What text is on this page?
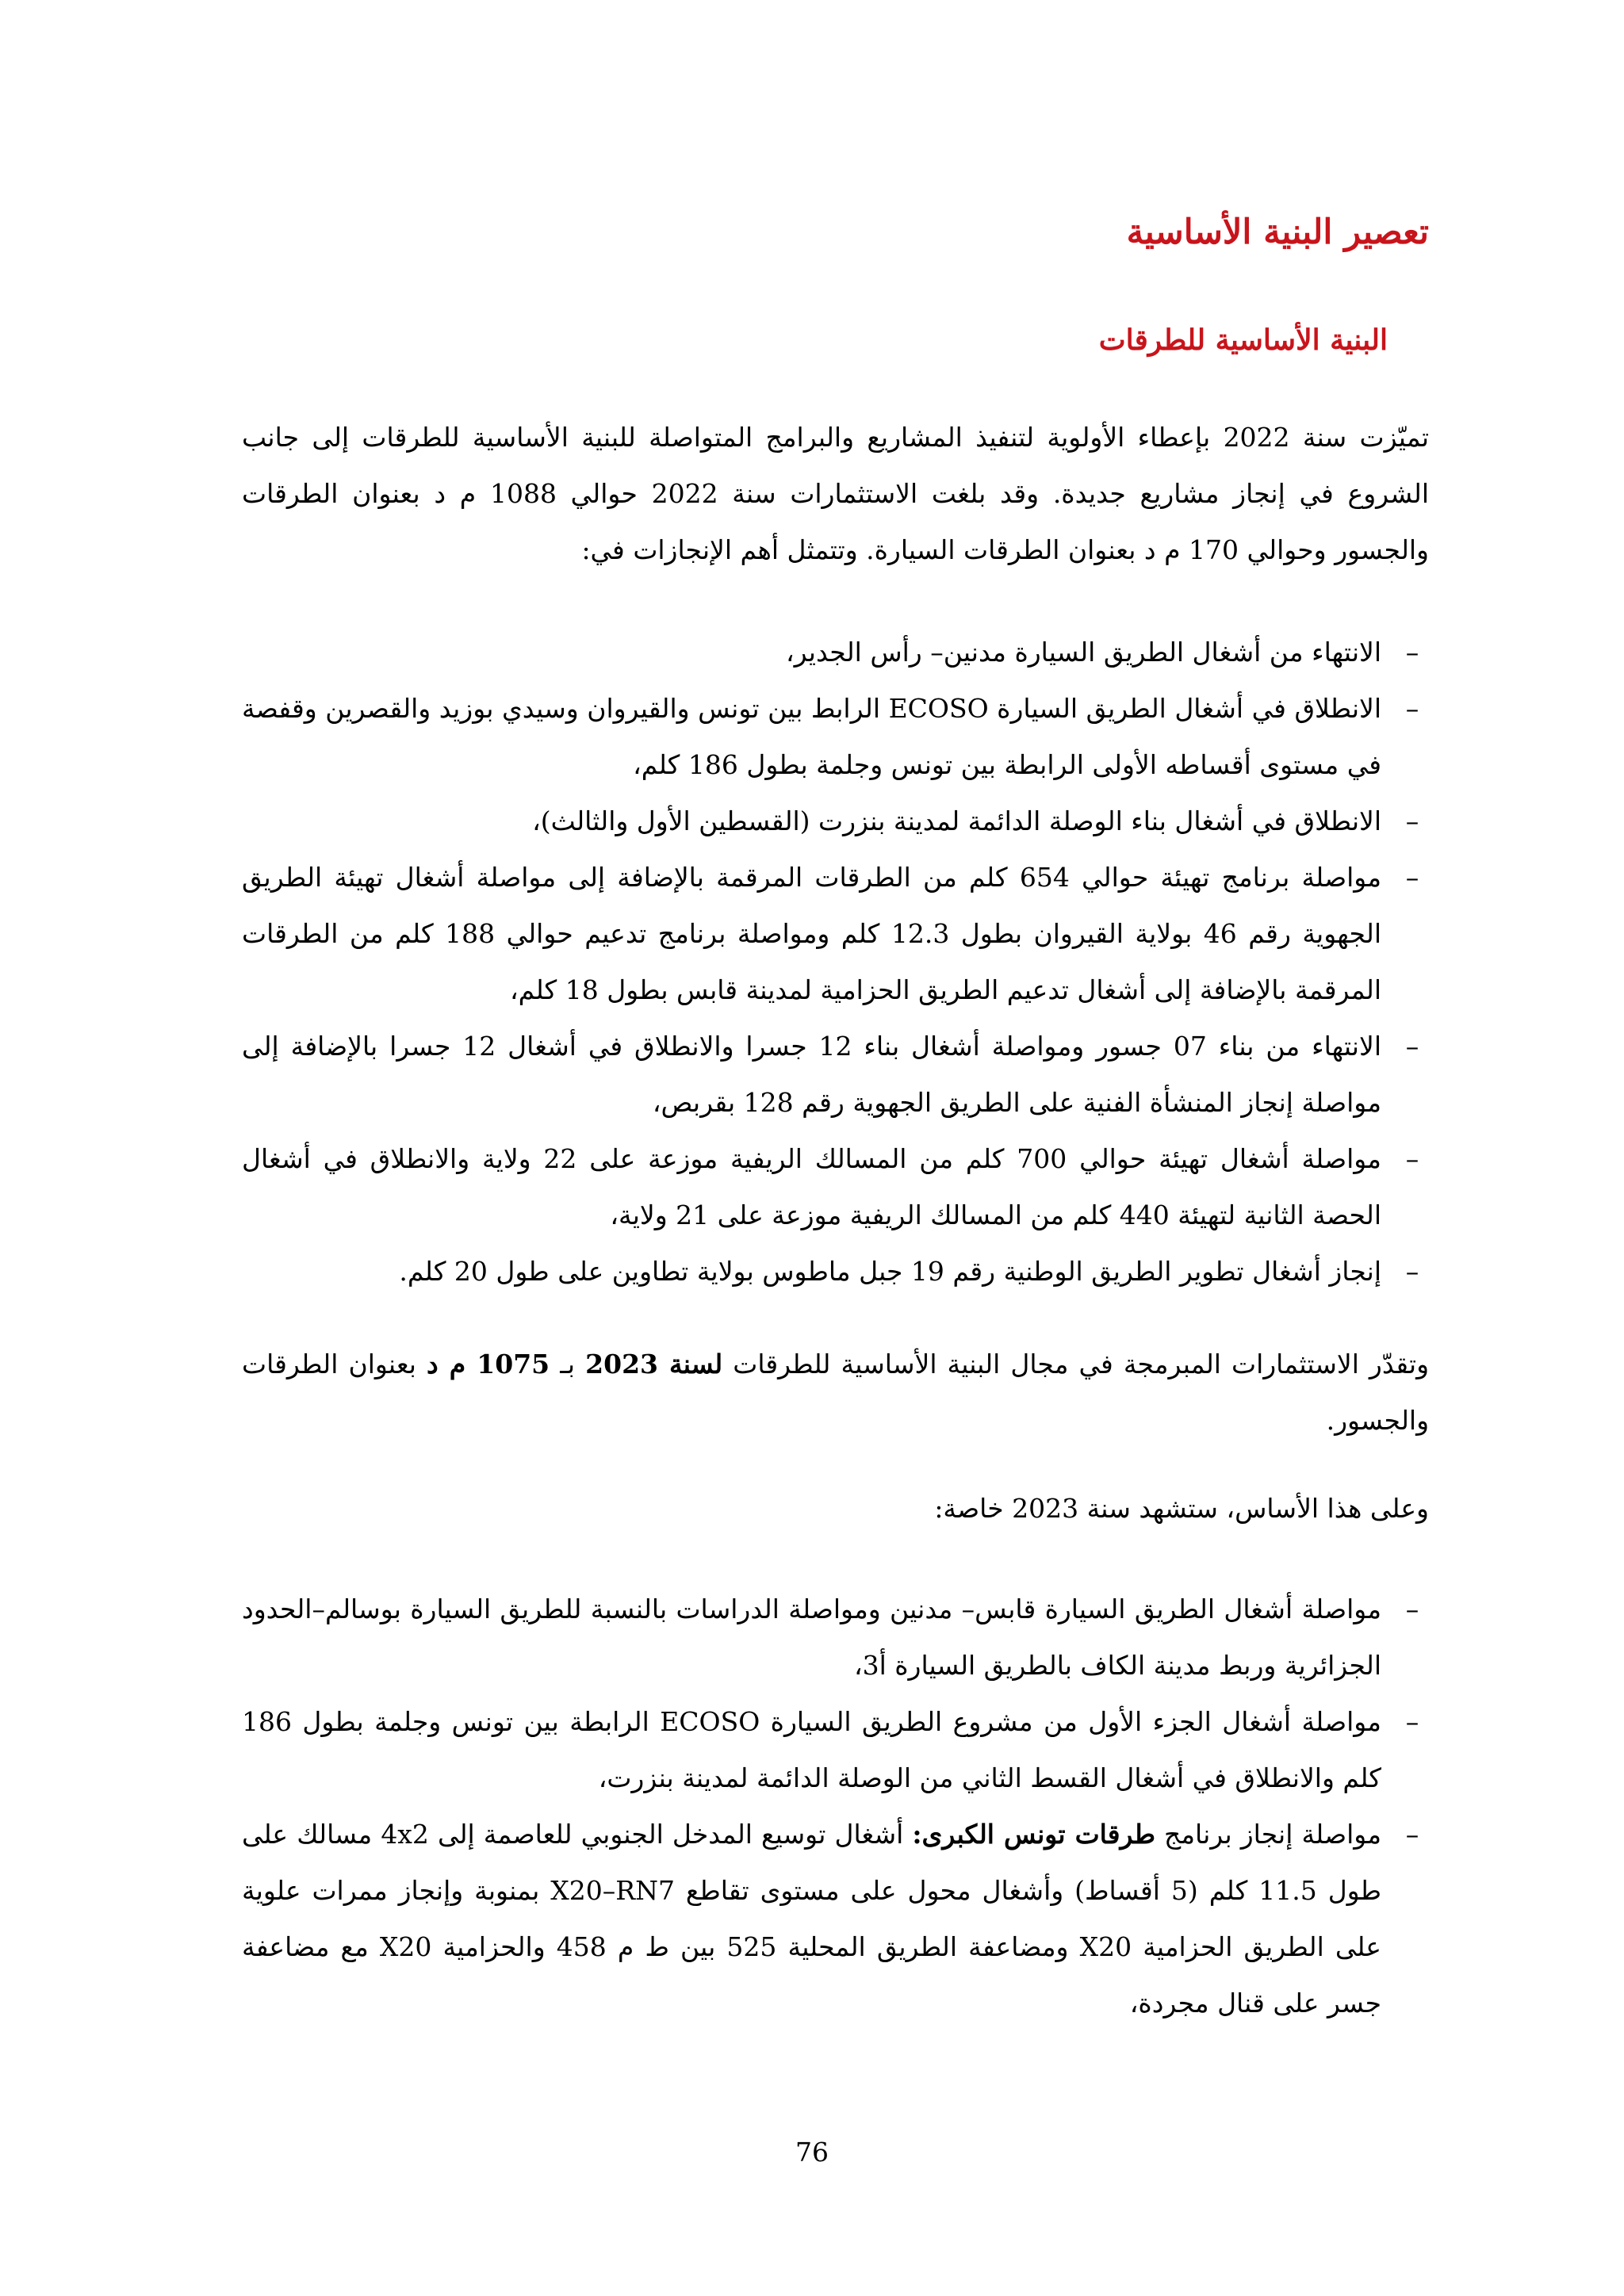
تعصير البنية الأساسية
البنية الأساسية للطرقات

تميّزت سنة 2022 بإعطاء الأولوية لتنفيذ المشاريع والبرامج المتواصلة للبنية الأساسية للطرقات إلى جانب الشروع في إنجاز مشاريع جديدة. وقد بلغت الاستثمارات سنة 2022 حوالي 1088 م د بعنوان الطرقات والجسور وحوالي 170 م د بعنوان الطرقات السيارة. وتتمثل أهم الإنجازات في:

–
الانتهاء من أشغال الطريق السيارة مدنين– رأس الجدير،
–
الانطلاق في أشغال الطريق السيارة ECOSO الرابط بين تونس والقيروان وسيدي بوزيد والقصرين وقفصة في مستوى أقساطه الأولى الرابطة بين تونس وجلمة بطول 186 كلم،
–
الانطلاق في أشغال بناء الوصلة الدائمة لمدينة بنزرت (القسطين الأول والثالث)،
–
مواصلة برنامج تهيئة حوالي 654 كلم من الطرقات المرقمة بالإضافة إلى مواصلة أشغال تهيئة الطريق الجهوية رقم 46 بولاية القيروان بطول 12.3 كلم ومواصلة برنامج تدعيم حوالي 188 كلم من الطرقات المرقمة بالإضافة إلى أشغال تدعيم الطريق الحزامية لمدينة قابس بطول 18 كلم،
–
الانتهاء من بناء 07 جسور ومواصلة أشغال بناء 12 جسرا والانطلاق في أشغال 12 جسرا بالإضافة إلى مواصلة إنجاز المنشأة الفنية على الطريق الجهوية رقم 128 بقربص،
–
مواصلة أشغال تهيئة حوالي 700 كلم من المسالك الريفية موزعة على 22 ولاية والانطلاق في أشغال الحصة الثانية لتهيئة 440 كلم من المسالك الريفية موزعة على 21 ولاية،
–
إنجاز أشغال تطوير الطريق الوطنية رقم 19 جبل ماطوس بولاية تطاوين على طول 20 كلم.

وتقدّر الاستثمارات المبرمجة في مجال البنية الأساسية للطرقات لسنة 2023 بـ 1075 م د بعنوان الطرقات والجسور.

وعلى هذا الأساس، ستشهد سنة 2023 خاصة:

–
مواصلة أشغال الطريق السيارة قابس– مدنين ومواصلة الدراسات بالنسبة للطريق السيارة بوسالم–الحدود الجزائرية وربط مدينة الكاف بالطريق السيارة أ3،
–
مواصلة أشغال الجزء الأول من مشروع الطريق السيارة ECOSO الرابطة بين تونس وجلمة بطول 186 كلم والانطلاق في أشغال القسط الثاني من الوصلة الدائمة لمدينة بنزرت،
–
مواصلة إنجاز برنامج طرقات تونس الكبرى: أشغال توسيع المدخل الجنوبي للعاصمة إلى 4x2 مسالك على طول 11.5 كلم (5 أقساط) وأشغال محول على مستوى تقاطع X20–RN7 بمنوبة وإنجاز ممرات علوية على الطريق الحزامية X20 ومضاعفة الطريق المحلية 525 بين ط م 458 والحزامية X20 مع مضاعفة جسر على قنال مجردة،
76
